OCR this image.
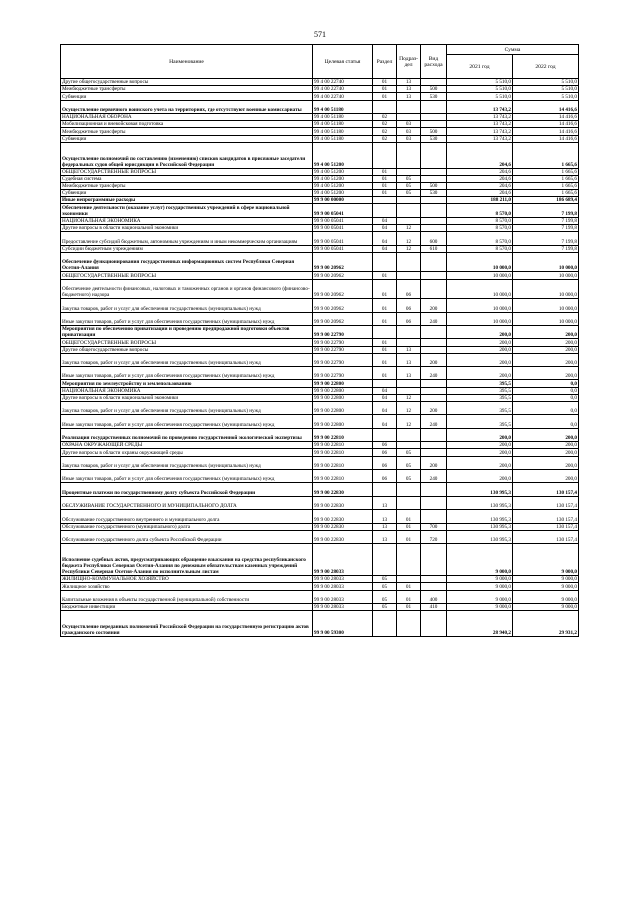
571
Наименование	Целевая статья	Раздел	Подраз-дел	Вид расхода	Сумма	
					2021 год	2022 год
Другие общегосударственные вопросы	99 4 00 22740	01	13		5 510,0	5 510,0
Межбюджетные трансферты	99 4 00 22740	01	13	500	5 510,0	5 510,0
Субвенции	99 4 00 22740	01	13	530	5 510,0	5 510,0
Осуществление первичного воинского учета на территориях, где отсутствуют военные комиссариаты	99 4 00 51180				13 743,2	14 416,6
НАЦИОНАЛЬНАЯ ОБОРОНА	99 4 00 51180	02			13 743,2	14 416,6
Мобилизационная и вневойсковая подготовка	99 4 00 51180	02	03		13 743,2	14 416,6
Межбюджетные трансферты	99 4 00 51180	02	03	500	13 743,2	14 416,6
Субвенции	99 4 00 51180	02	03	530	13 743,2	14 416,6
Осуществление полномочий по составлению (изменению) списков кандидатов в присяжные заседатели федеральных судов общей юрисдикции в Российской Федерации	99 4 00 51200				204,6	1 665,6
ОБЩЕГОСУДАРСТВЕННЫЕ ВОПРОСЫ	99 4 00 51200	01			204,6	1 665,6
Судебная система	99 4 00 51200	01	05		204,6	1 665,6
Межбюджетные трансферты	99 4 00 51200	01	05	500	204,6	1 665,6
Субвенции	99 4 00 51200	01	05	530	204,6	1 665,6
Иные непрограммные расходы	99 9 00 00000				188 211,0	186 689,4
Обеспечение деятельности (оказание услуг) государственных учреждений в сфере национальной экономики	99 9 00 05041				8 570,0	7 199,8
НАЦИОНАЛЬНАЯ ЭКОНОМИКА	99 9 00 05041	04			8 570,0	7 199,8
Другие вопросы в области национальной экономики	99 9 00 05041	04	12		8 570,0	7 199,8
Предоставление субсидий бюджетным, автономным учреждениям и иным некоммерческим организациям	99 9 00 05041	04	12	600	8 570,0	7 199,8
Субсидии бюджетным учреждениям	99 9 00 05041	04	12	610	8 570,0	7 199,8
Обеспечение функционирования государственных информационных систем Республики Северная Осетия-Алания	99 9 00 20962				10 000,0	10 000,0
ОБЩЕГОСУДАРСТВЕННЫЕ ВОПРОСЫ	99 9 00 20962	01			10 000,0	10 000,0
Обеспечение деятельности финансовых, налоговых и таможенных органов и органов финансового (финансово-бюджетного) надзора	99 9 00 20962	01	06		10 000,0	10 000,0
Закупка товаров, работ и услуг для обеспечения государственных (муниципальных) нужд	99 9 00 20962	01	06	200	10 000,0	10 000,0
Иные закупки товаров, работ и услуг для обеспечения государственных (муниципальных) нужд	99 9 00 20962	01	06	240	10 000,0	10 000,0
Мероприятия по обеспечению приватизации и проведению предпродажной подготовки объектов приватизации	99 9 00 22790				200,0	200,0
ОБЩЕГОСУДАРСТВЕННЫЕ ВОПРОСЫ	99 9 00 22790	01			200,0	200,0
Другие общегосударственные вопросы	99 9 00 22790	01	13		200,0	200,0
Закупка товаров, работ и услуг для обеспечения государственных (муниципальных) нужд	99 9 00 22790	01	13	200	200,0	200,0
Иные закупки товаров, работ и услуг для обеспечения государственных (муниципальных) нужд	99 9 00 22790	01	13	240	200,0	200,0
Мероприятия по землеустройству и землепользованию	99 9 00 22800				395,5	0,0
НАЦИОНАЛЬНАЯ ЭКОНОМИКА	99 9 00 22800	04			395,5	0,0
Другие вопросы в области национальной экономики	99 9 00 22800	04	12		395,5	0,0
Закупка товаров, работ и услуг для обеспечения государственных (муниципальных) нужд	99 9 00 22800	04	12	200	395,5	0,0
Иные закупки товаров, работ и услуг для обеспечения государственных (муниципальных) нужд	99 9 00 22800	04	12	240	395,5	0,0
Реализация государственных полномочий по проведению государственной экологической экспертизы	99 9 00 22810				200,0	200,0
ОХРАНА ОКРУЖАЮЩЕЙ СРЕДЫ	99 9 00 22810	06			200,0	200,0
Другие вопросы в области охраны окружающей среды	99 9 00 22810	06	05		200,0	200,0
Закупка товаров, работ и услуг для обеспечения государственных (муниципальных) нужд	99 9 00 22810	06	05	200	200,0	200,0
Иные закупки товаров, работ и услуг для обеспечения государственных (муниципальных) нужд	99 9 00 22810	06	05	240	200,0	200,0
Процентные платежи по государственному долгу субъекта Российской Федерации	99 9 00 22830				130 995,3	130 157,4
ОБСЛУЖИВАНИЕ ГОСУДАРСТВЕННОГО И МУНИЦИПАЛЬНОГО ДОЛГА	99 9 00 22830	13			130 995,3	130 157,4
Обслуживание государственного внутреннего и муниципального долга	99 9 00 22830	13	01		130 995,3	130 157,4
Обслуживание государственного (муниципального) долга	99 9 00 22830	13	01	700	130 995,3	130 157,4
Обслуживание государственного долга субъекта Российской Федерации	99 9 00 22830	13	01	720	130 995,3	130 157,4
Исполнение судебных актов, предусматривающих обращение взыскания на средства республиканского бюджета Республики Северная Осетия-Алания по денежным обязательствам казенных учреждений Республики Северная Осетия-Алания по исполнительным листам	99 9 00 28033				9 000,0	9 000,0
ЖИЛИЩНО-КОММУНАЛЬНОЕ ХОЗЯЙСТВО	99 9 00 28033	05			9 000,0	9 000,0
Жилищное хозяйство	99 9 00 28033	05	01		9 000,0	9 000,0
Капитальные вложения в объекты государственной (муниципальной) собственности	99 9 00 28033	05	01	400	9 000,0	9 000,0
Бюджетные инвестиции	99 9 00 28033	05	01	410	9 000,0	9 000,0
Осуществление переданных полномочий Российской Федерации на государственную регистрацию актов гражданского состояния	99 9 00 59300				28 940,2	29 931,2
